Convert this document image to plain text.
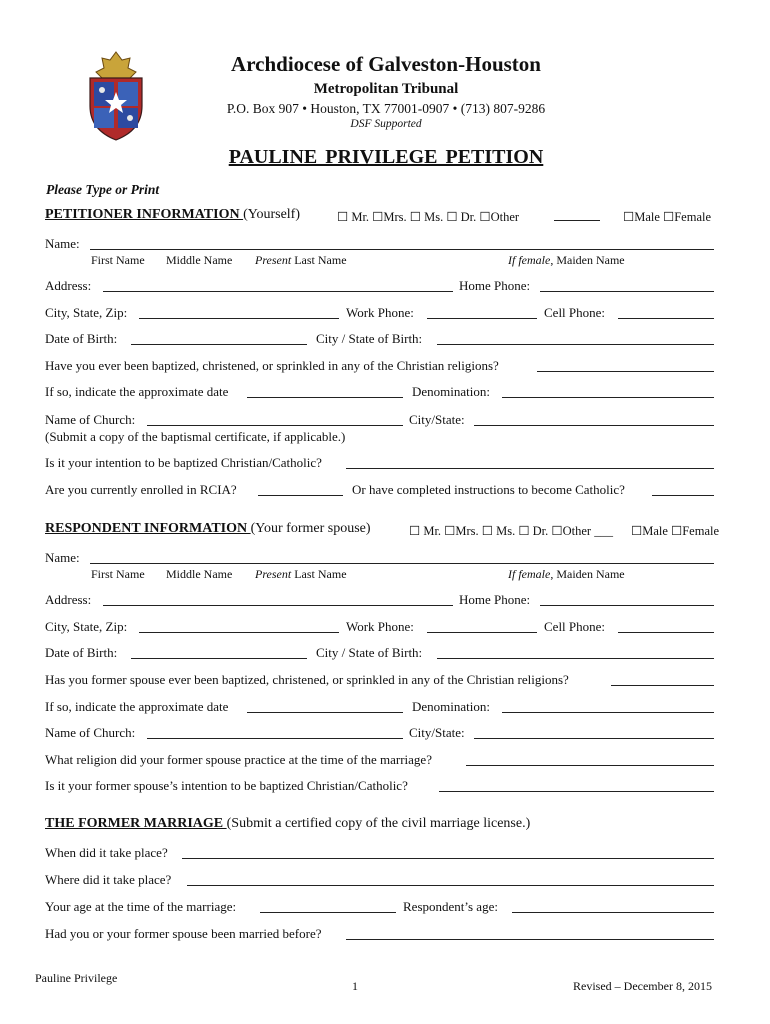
Archdiocese of Galveston-Houston
Metropolitan Tribunal
P.O. Box 907 • Houston, TX 77001-0907 • (713) 807-9286
DSF Supported
PAULINE PRIVILEGE PETITION
Please Type or Print
PETITIONER INFORMATION (Yourself)	☐ Mr. ☐Mrs. ☐ Ms. ☐ Dr. ☐Other	☐Male ☐Female
Name:
First Name Middle Name Present Last Name	If female, Maiden Name
Address:	Home Phone:
City, State, Zip:	Work Phone:	Cell Phone:
Date of Birth:	City / State of Birth:
Have you ever been baptized, christened, or sprinkled in any of the Christian religions?
If so, indicate the approximate date	Denomination:
Name of Church:	City/State:
(Submit a copy of the baptismal certificate, if applicable.)
Is it your intention to be baptized Christian/Catholic?
Are you currently enrolled in RCIA?	Or have completed instructions to become Catholic?
RESPONDENT INFORMATION (Your former spouse)	☐ Mr. ☐Mrs. ☐ Ms. ☐ Dr. ☐Other ___ ☐Male ☐Female
Name:
First Name Middle Name Present Last Name	If female, Maiden Name
Address:	Home Phone:
City, State, Zip:	Work Phone:	Cell Phone:
Date of Birth:	City / State of Birth:
Has you former spouse ever been baptized, christened, or sprinkled in any of the Christian religions?
If so, indicate the approximate date	Denomination:
Name of Church:	City/State:
What religion did your former spouse practice at the time of the marriage?
Is it your former spouse’s intention to be baptized Christian/Catholic?
THE FORMER MARRIAGE (Submit a certified copy of the civil marriage license.)
When did it take place?
Where did it take place?
Your age at the time of the marriage:	Respondent’s age:
Had you or your former spouse been married before?
Pauline Privilege
1	Revised – December 8, 2015
